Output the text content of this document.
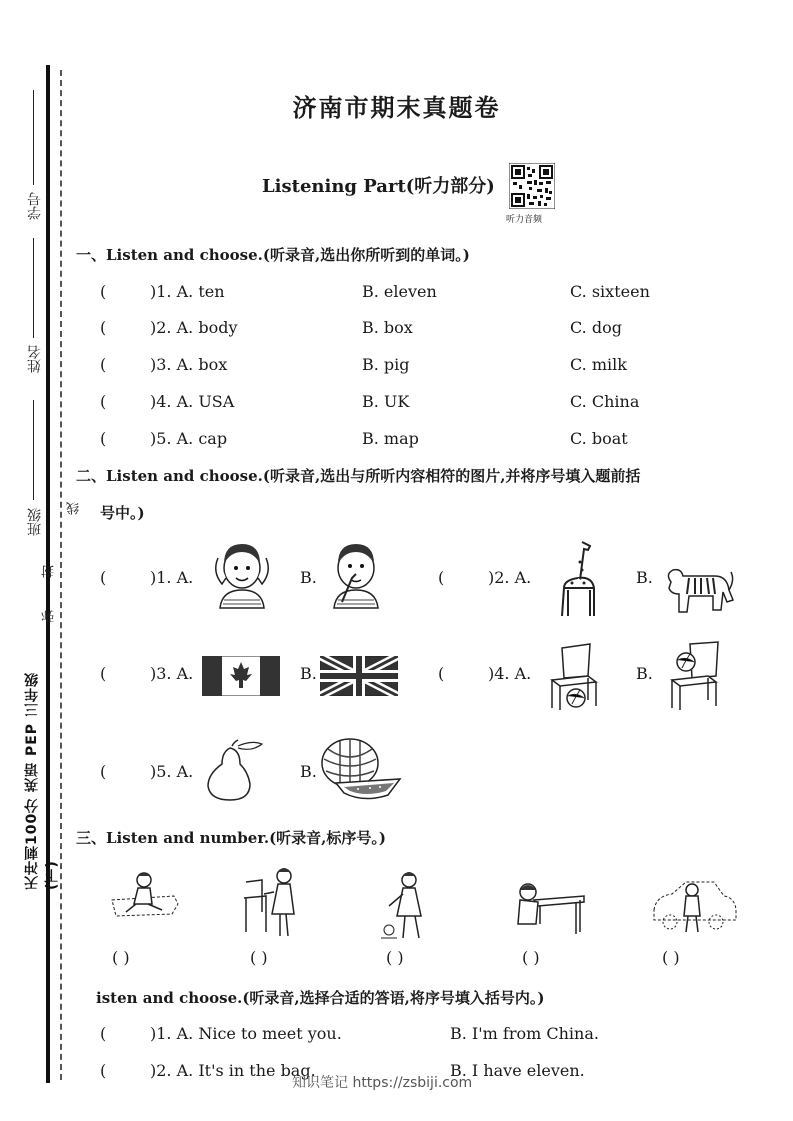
学号
姓名
班级 线
封
弥
天冲刺100分 英语 PEP 三年级(下)
济南市期末真题卷
Listening Part(听力部分)
听力音频
一、Listen and choose.(听录音,选出你所听到的单词。)
(	)1. A. ten	B. eleven	C. sixteen
(	)2. A. body	B. box	C. dog
(	)3. A. box	B. pig	C. milk
(	)4. A. USA	B. UK	C. China
(	)5. A. cap	B. map	C. boat
二、Listen and choose.(听录音,选出与所听内容相符的图片,并将序号填入题前括
号中。)
(	)1. A.	B.	(	)2. A.	B.
(	)3. A.	B.	(	)4. A.	B.
(	)5. A.	B.
三、Listen and number.(听录音,标序号。)
( )	( )	( )	( )	( )
isten and choose.(听录音,选择合适的答语,将序号填入括号内。)
(	)1. A. Nice to meet you.	B. I'm from China.
(	)2. A. It's in the bag.	B. I have eleven.
知识笔记 https://zsbiji.com
